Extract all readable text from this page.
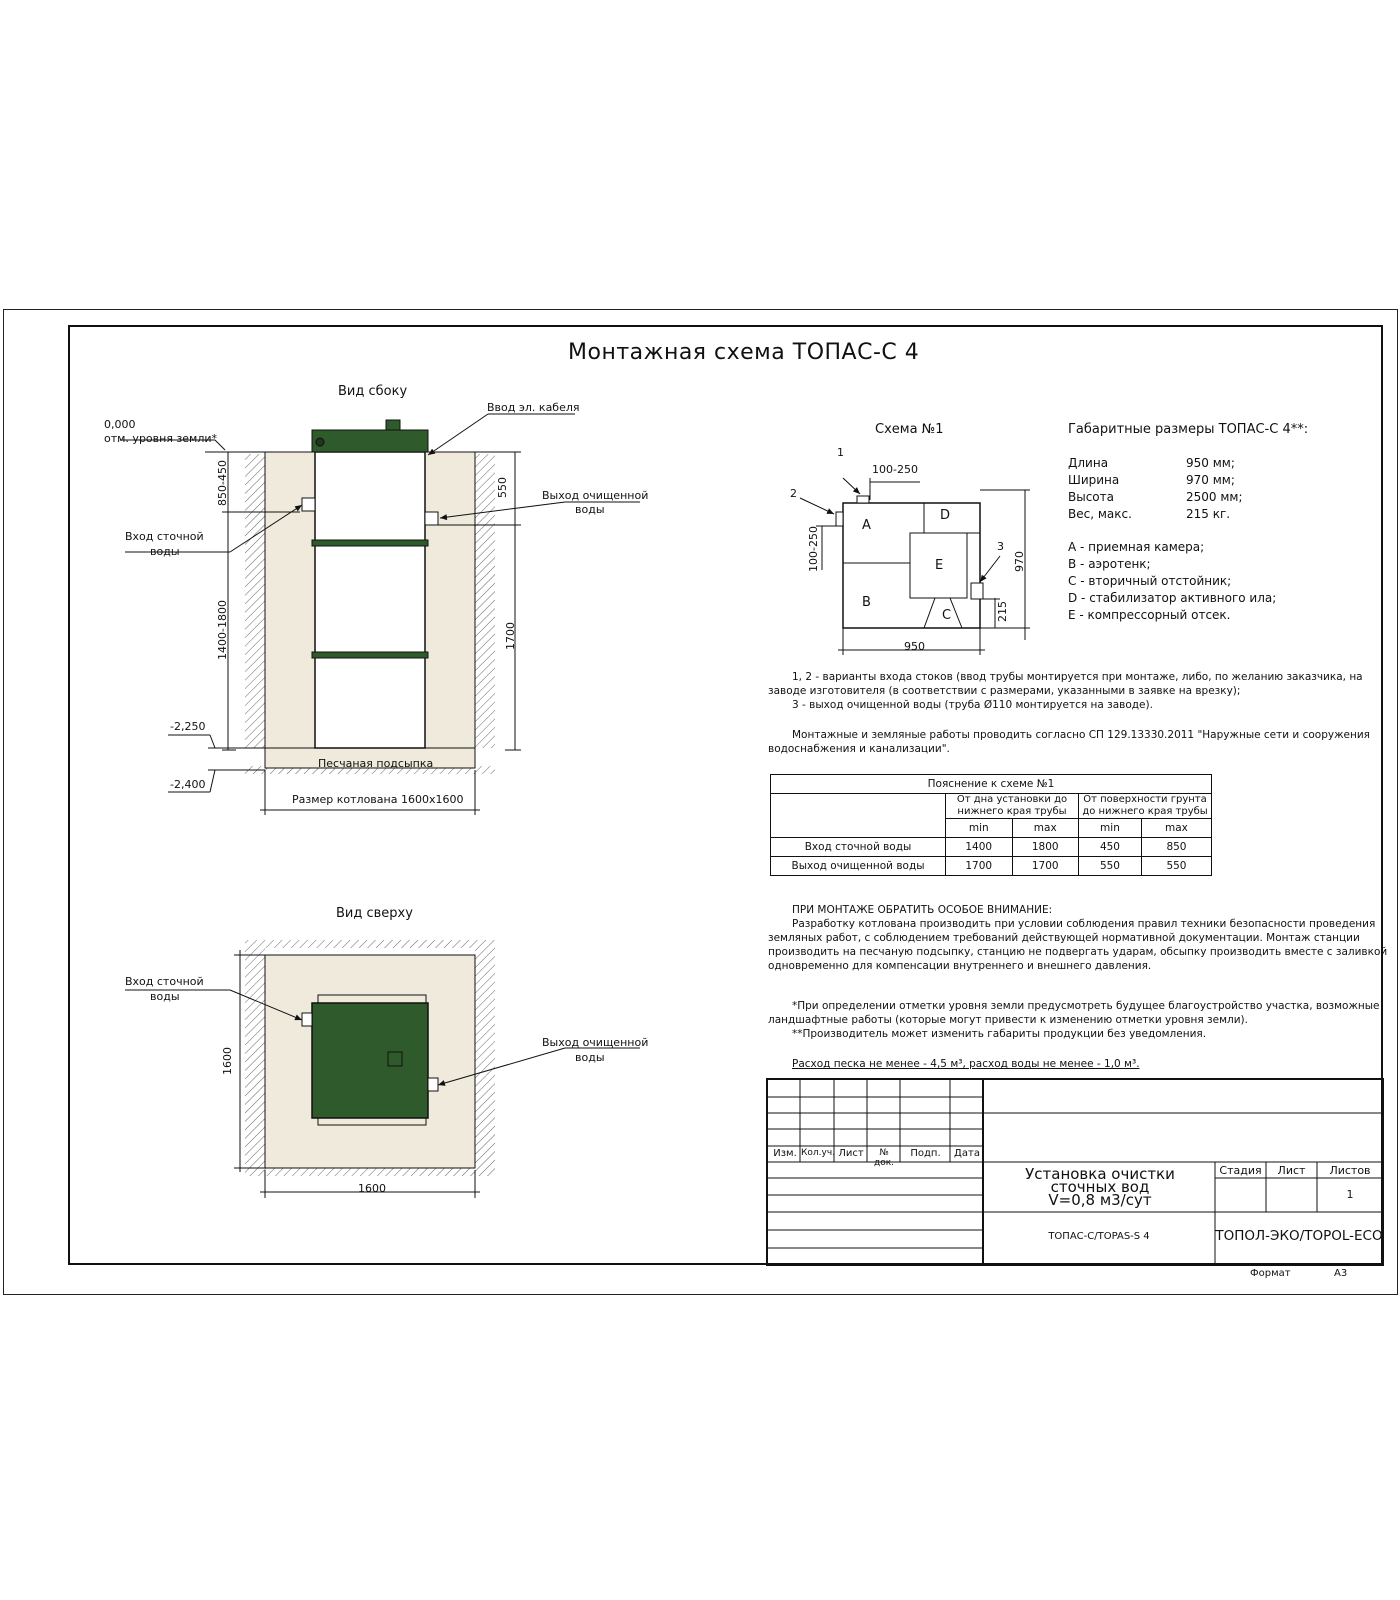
Монтажная схема ТОПАС-С 4
Вид сбоку
0,000
отм. уровня земли*
Ввод эл. кабеля
Вход сточной
воды
Выход очищенной
воды
850-450
1400-1800
550
1700
-2,250
-2,400
Песчаная подсыпка
Размер котлована 1600х1600
Вид сверху
Вход сточной
воды
Выход очищенной
воды
1600
1600
Схема №1
1
2
3
100-250
100-250	970
215
950
A
B
C
D
E
Габаритные размеры ТОПАС-С 4**:
Длина	950 мм;
Ширина	970 мм;
Высота	2500 мм;
Вес, макс.	215 кг.
A - приемная камера;
B - аэротенк;
C - вторичный отстойник;
D - стабилизатор активного ила;
E - компрессорный отсек.
1, 2 - варианты входа стоков (ввод трубы монтируется при монтаже, либо, по желанию заказчика, на
заводе изготовителя (в соответствии с размерами, указанными в заявке на врезку);
3 - выход очищенной воды (труба Ø110 монтируется на заводе).
Монтажные и земляные работы проводить согласно СП 129.13330.2011 "Наружные сети и сооружения
водоснабжения и канализации".
Пояснение к схеме №1				
	От дна установки до нижнего края трубы		От поверхности грунта до нижнего края трубы	
	min	max	min	max
Вход сточной воды	1400	1800	450	850
Выход очищенной воды	1700	1700	550	550
ПРИ МОНТАЖЕ ОБРАТИТЬ ОСОБОЕ ВНИМАНИЕ:
Разработку котлована производить при условии соблюдения правил техники безопасности проведения
земляных работ, с соблюдением требований действующей нормативной документации. Монтаж станции
производить на песчаную подсыпку, станцию не подвергать ударам, обсыпку производить вместе с заливкой
одновременно для компенсации внутреннего и внешнего давления.
*При определении отметки уровня земли предусмотреть будущее благоустройство участка, возможные
ландшафтные работы (которые могут привести к изменению отметки уровня земли).
**Производитель может изменить габариты продукции без уведомления.
Расход песка не менее - 4,5 м³, расход воды не менее - 1,0 м³.
Изм. Кол.уч. Лист	№ док.
Подп.	Дата
Установка очистки
сточных вод
V=0,8 м3/сут
Стадия	Лист	Листов
1
ТОПАС-С/TOPAS-S 4	ТОПОЛ-ЭКО/TOPOL-ECO
Формат	А3
